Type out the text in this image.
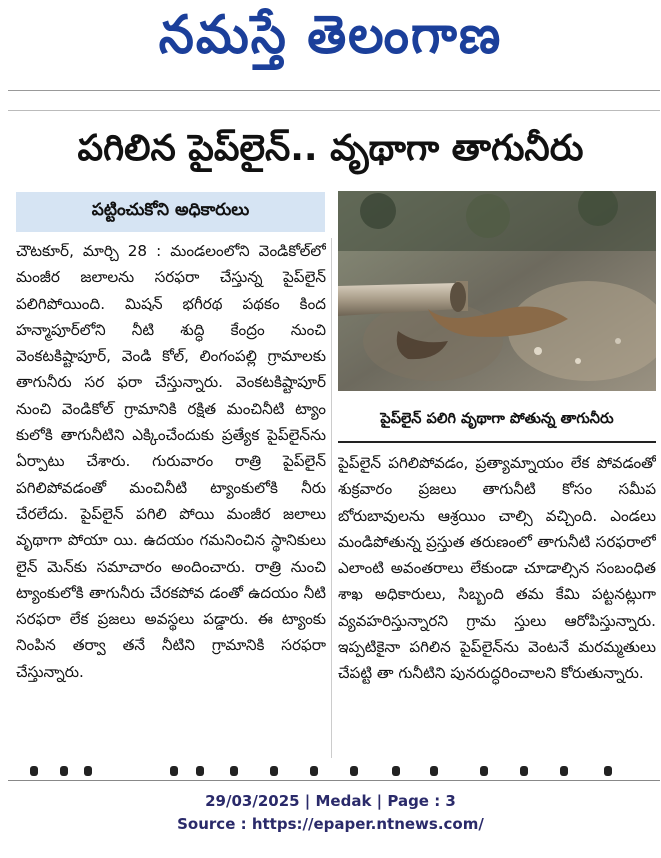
నమస్తే తెలంగాణ
పగిలిన పైప్‌లైన్.. వృథాగా తాగునీరు
పట్టించుకోని అధికారులు

చౌటకూర్, మార్చి 28 : మండలంలోని వెండికోల్‌లో మంజీర జలాలను సరఫరా చేస్తున్న పైప్‌లైన్ పలిగిపోయింది. మిషన్ భగీరథ పథకం కింద హన్మాపూర్‌లోని నీటి శుద్ధి కేంద్రం నుంచి వెంకటకిష్టాపూర్, వెండి కోల్, లింగంపల్లి గ్రామాలకు తాగునీరు సర ఫరా చేస్తున్నారు. వెంకటకిష్టాపూర్ నుంచి వెండికోల్ గ్రామానికి రక్షిత మంచినీటి ట్యాం కులోకి తాగునీటిని ఎక్కించేందుకు ప్రత్యేక పైప్‌లైన్‌ను ఏర్పాటు చేశారు. గురువారం రాత్రి పైప్‌లైన్ పగిలిపోవడంతో మంచినీటి ట్యాంకులోకి నీరు చేరలేదు. పైప్‌లైన్ పగిలి పోయి మంజీర జలాలు వృథాగా పోయా యి. ఉదయం గమనించిన స్థానికులు లైన్ మెన్‌కు సమాచారం అందించారు. రాత్రి నుంచి ట్యాంకులోకి తాగునీరు చేరకపోవ డంతో ఉదయం నీటి సరఫరా లేక ప్రజలు అవస్థలు పడ్డారు. ఈ ట్యాంకు నింపిన తర్వా తనే నీటిని గ్రామానికి సరఫరా చేస్తున్నారు.

పైప్‌లైన్ పలిగి వృథాగా పోతున్న తాగునీరు

పైప్‌లైన్ పగిలిపోవడం, ప్రత్యామ్నాయం లేక పోవడంతో శుక్రవారం ప్రజలు తాగునీటి కోసం సమీప బోరుబావులను ఆశ్రయిం చాల్సి వచ్చింది. ఎండలు మండిపోతున్న ప్రస్తుత తరుణంలో తాగునీటి సరఫరాలో ఎలాంటి అవంతరాలు లేకుండా చూడాల్సిన సంబంధిత శాఖ అధికారులు, సిబ్బంది తమ కేమి పట్టనట్లుగా వ్యవహరిస్తున్నారని గ్రామ స్తులు ఆరోపిస్తున్నారు. ఇప్పటికైనా పగిలిన పైప్‌లైన్‌ను వెంటనే మరమ్మతులు చేపట్టి తా గునీటిని పునరుద్ధరించాలని కోరుతున్నారు.

29/03/2025 | Medak | Page : 3
Source : https://epaper.ntnews.com/
